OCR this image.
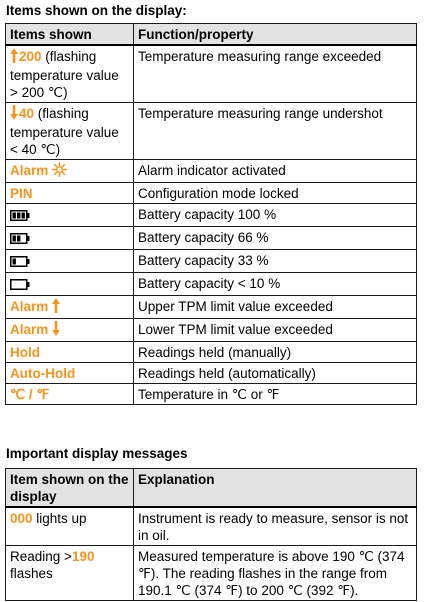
Items shown on the display:
Items shown	Function/property
200 (flashing temperature value > 200 ℃)	Temperature measuring range exceeded
40 (flashing temperature value < 40 ℃)	Temperature measuring range undershot
Alarm	Alarm indicator activated
PIN	Configuration mode locked
	Battery capacity 100 %
	Battery capacity 66 %
	Battery capacity 33 %
	Battery capacity < 10 %
Alarm	Upper TPM limit value exceeded
Alarm	Lower TPM limit value exceeded
Hold	Readings held (manually)
Auto-Hold	Readings held (automatically)
℃ / ℉	Temperature in ℃ or ℉
Important display messages
Item shown on the display	Explanation
000 lights up	Instrument is ready to measure, sensor is not in oil.
Reading >190 flashes	Measured temperature is above 190 ℃ (374 ℉). The reading flashes in the range from 190.1 ℃ (374 ℉) to 200 ℃ (392 ℉).
